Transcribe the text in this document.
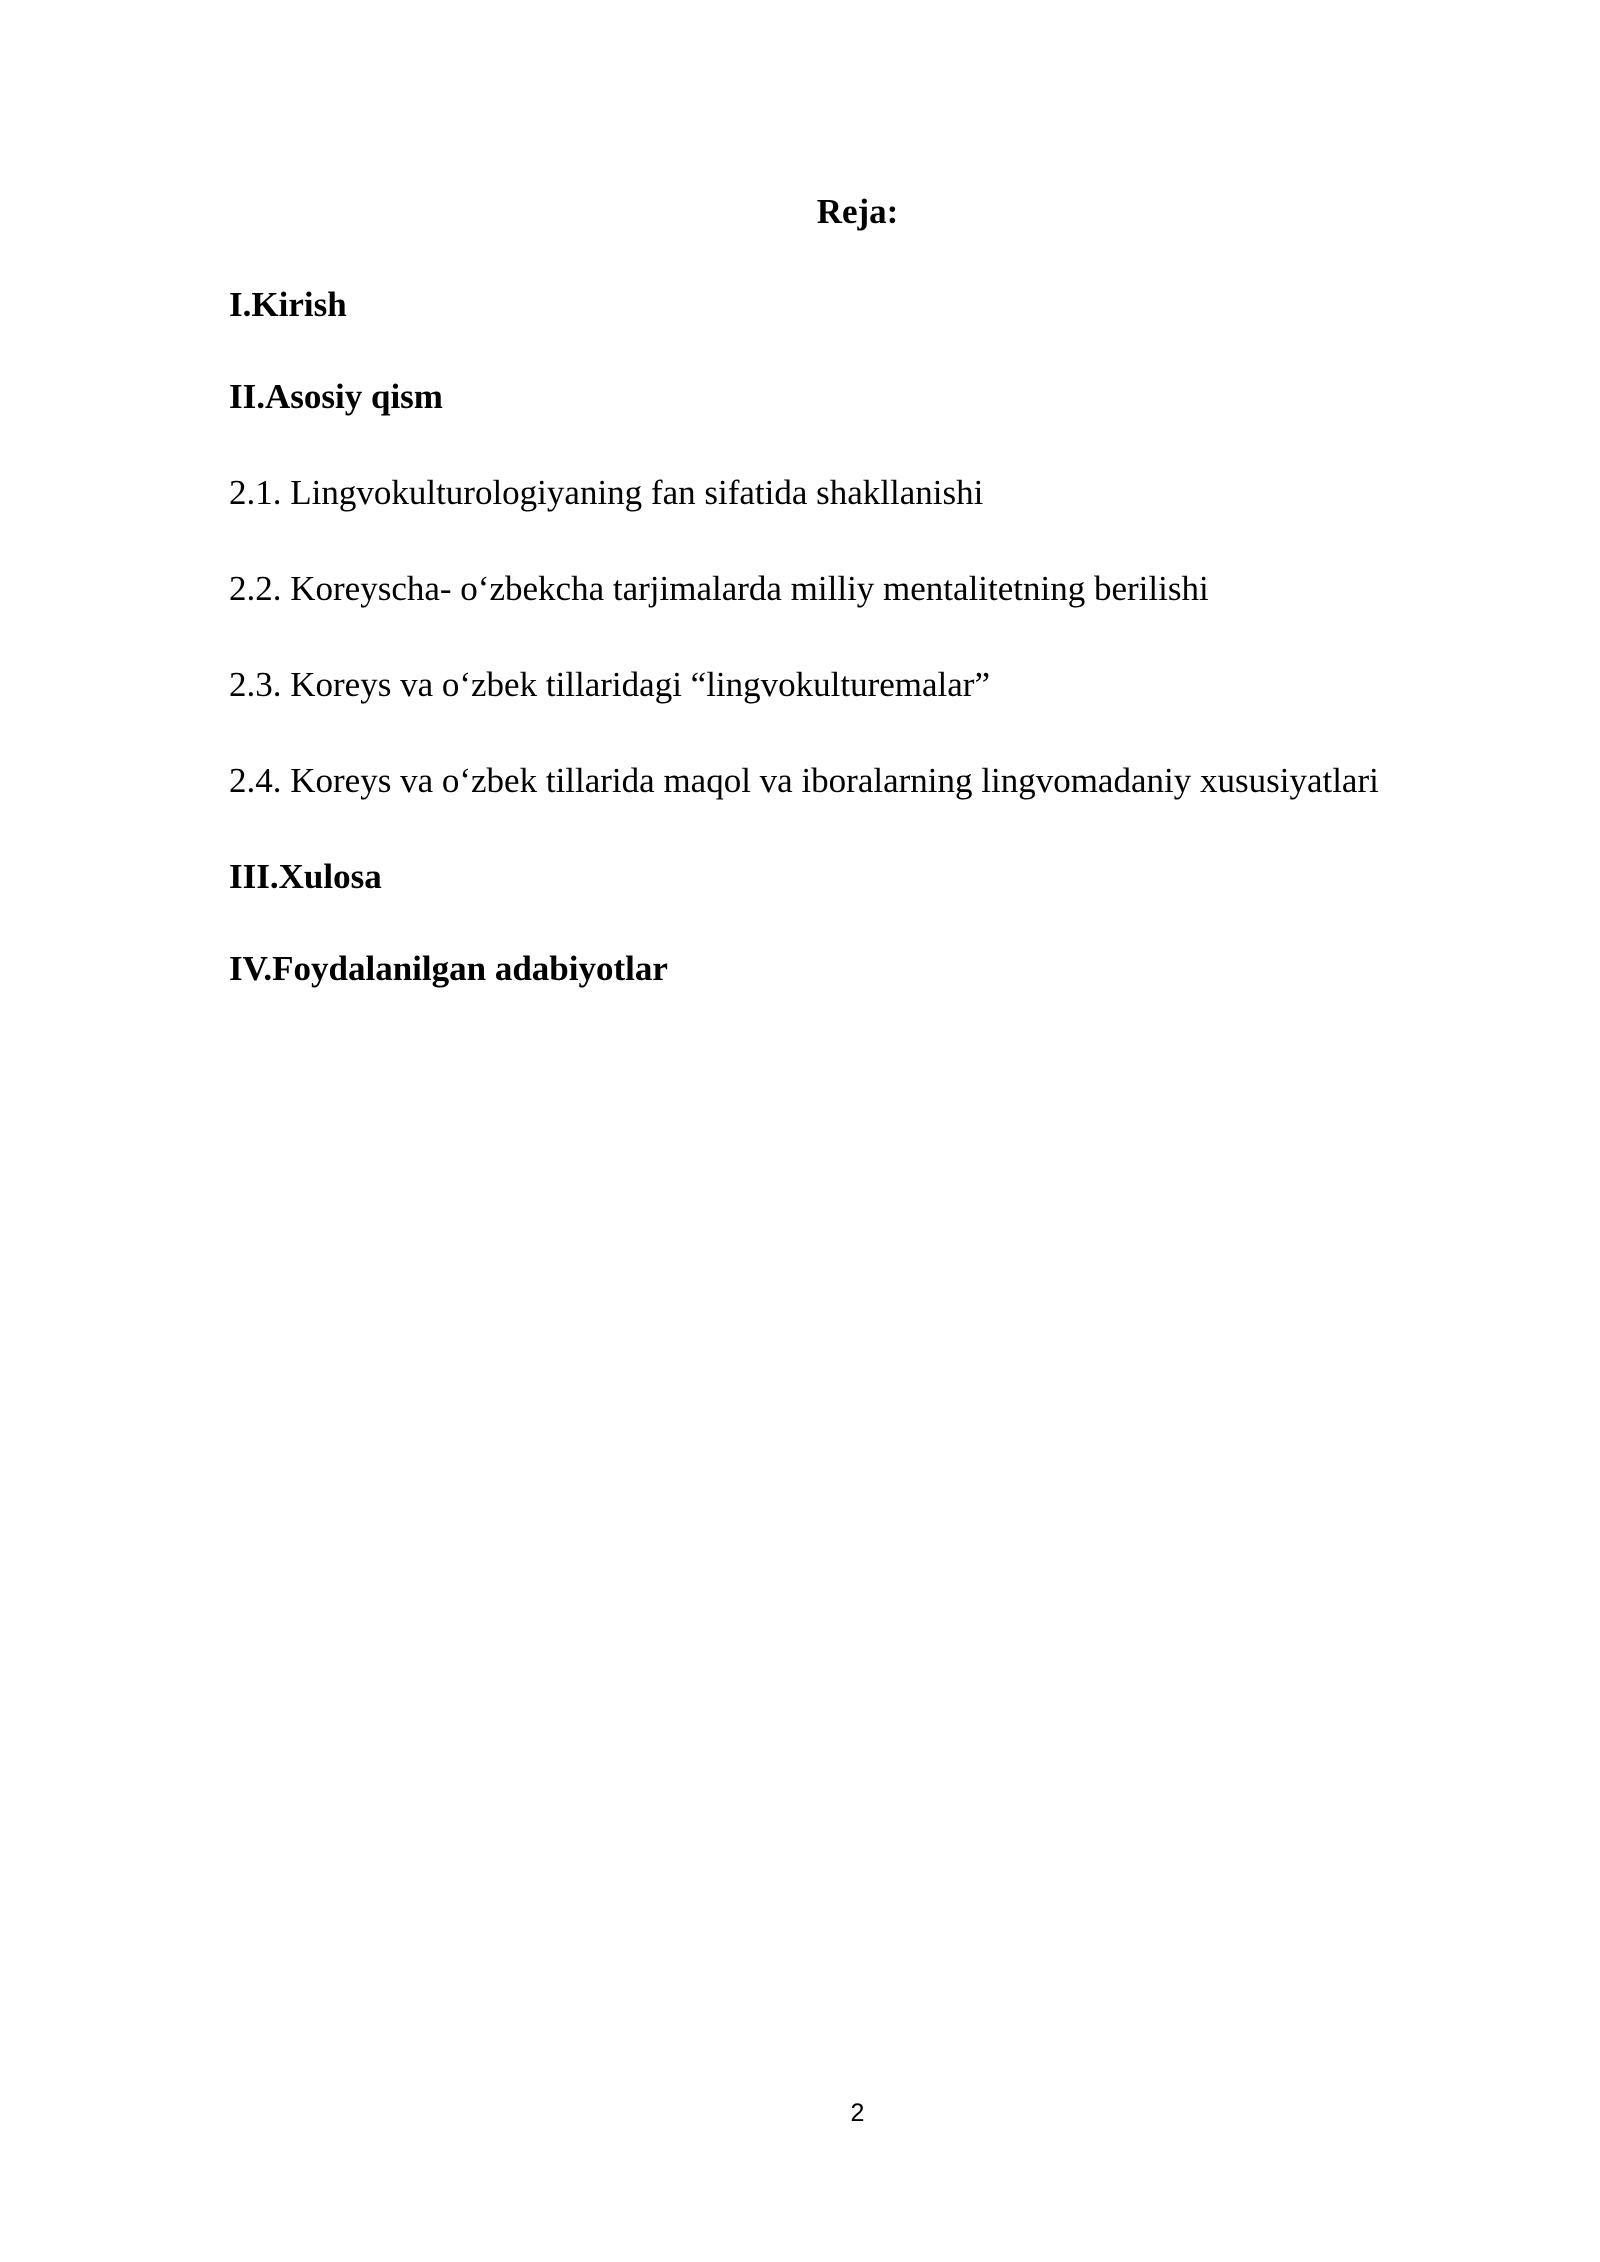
Reja:
I.Kirish
II.Asosiy qism
2.1. Lingvokulturologiyaning fan sifatida shakllanishi
2.2. Koreyscha- o‘zbekcha tarjimalarda milliy mentalitetning berilishi
2.3. Koreys va o‘zbek tillaridagi “lingvokulturemalar”
2.4. Koreys va o‘zbek tillarida maqol va iboralarning lingvomadaniy xususiyatlari
III.Xulosa
IV.Foydalanilgan adabiyotlar
2
